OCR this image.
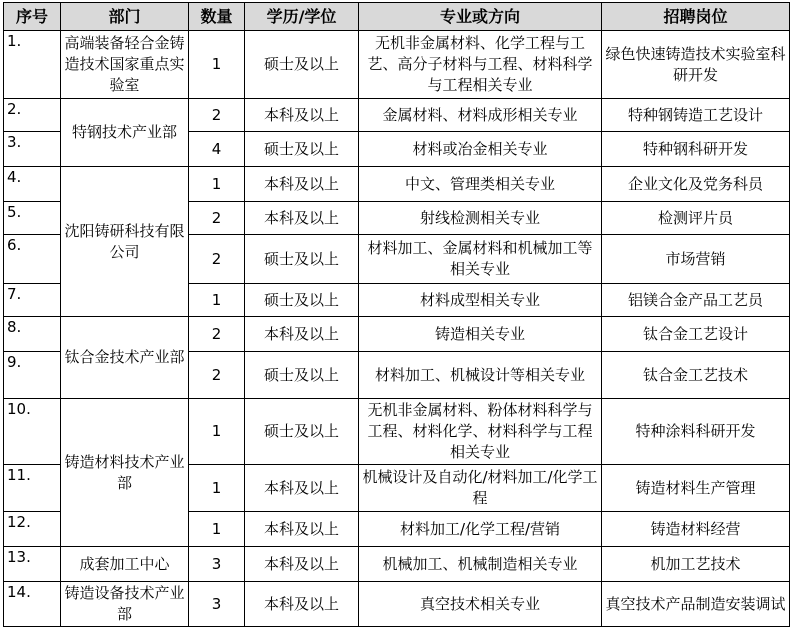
序号	部门	数量	学历/学位	专业或方向	招聘岗位
1.	高端装备轻合金铸造技术国家重点实验室	1	硕士及以上	无机非金属材料、化学工程与工艺、高分子材料与工程、材料科学与工程相关专业	绿色快速铸造技术实验室科研开发
2.	特钢技术产业部	2	本科及以上	金属材料、材料成形相关专业	特种钢铸造工艺设计
3.		4	硕士及以上	材料或冶金相关专业	特种钢科研开发
4.	沈阳铸研科技有限公司	1	本科及以上	中文、管理类相关专业	企业文化及党务科员
5.		2	本科及以上	射线检测相关专业	检测评片员
6.		2	硕士及以上	材料加工、金属材料和机械加工等相关专业	市场营销
7.		1	硕士及以上	材料成型相关专业	铝镁合金产品工艺员
8.	钛合金技术产业部	2	本科及以上	铸造相关专业	钛合金工艺设计
9.		2	硕士及以上	材料加工、机械设计等相关专业	钛合金工艺技术
10.	铸造材料技术产业部	1	硕士及以上	无机非金属材料、粉体材料科学与工程、材料化学、材料科学与工程相关专业	特种涂料科研开发
11.		1	本科及以上	机械设计及自动化/材料加工/化学工程	铸造材料生产管理
12.		1	本科及以上	材料加工/化学工程/营销	铸造材料经营
13.	成套加工中心	3	本科及以上	机械加工、机械制造相关专业	机加工艺技术
14.	铸造设备技术产业部	3	本科及以上	真空技术相关专业	真空技术产品制造安装调试
